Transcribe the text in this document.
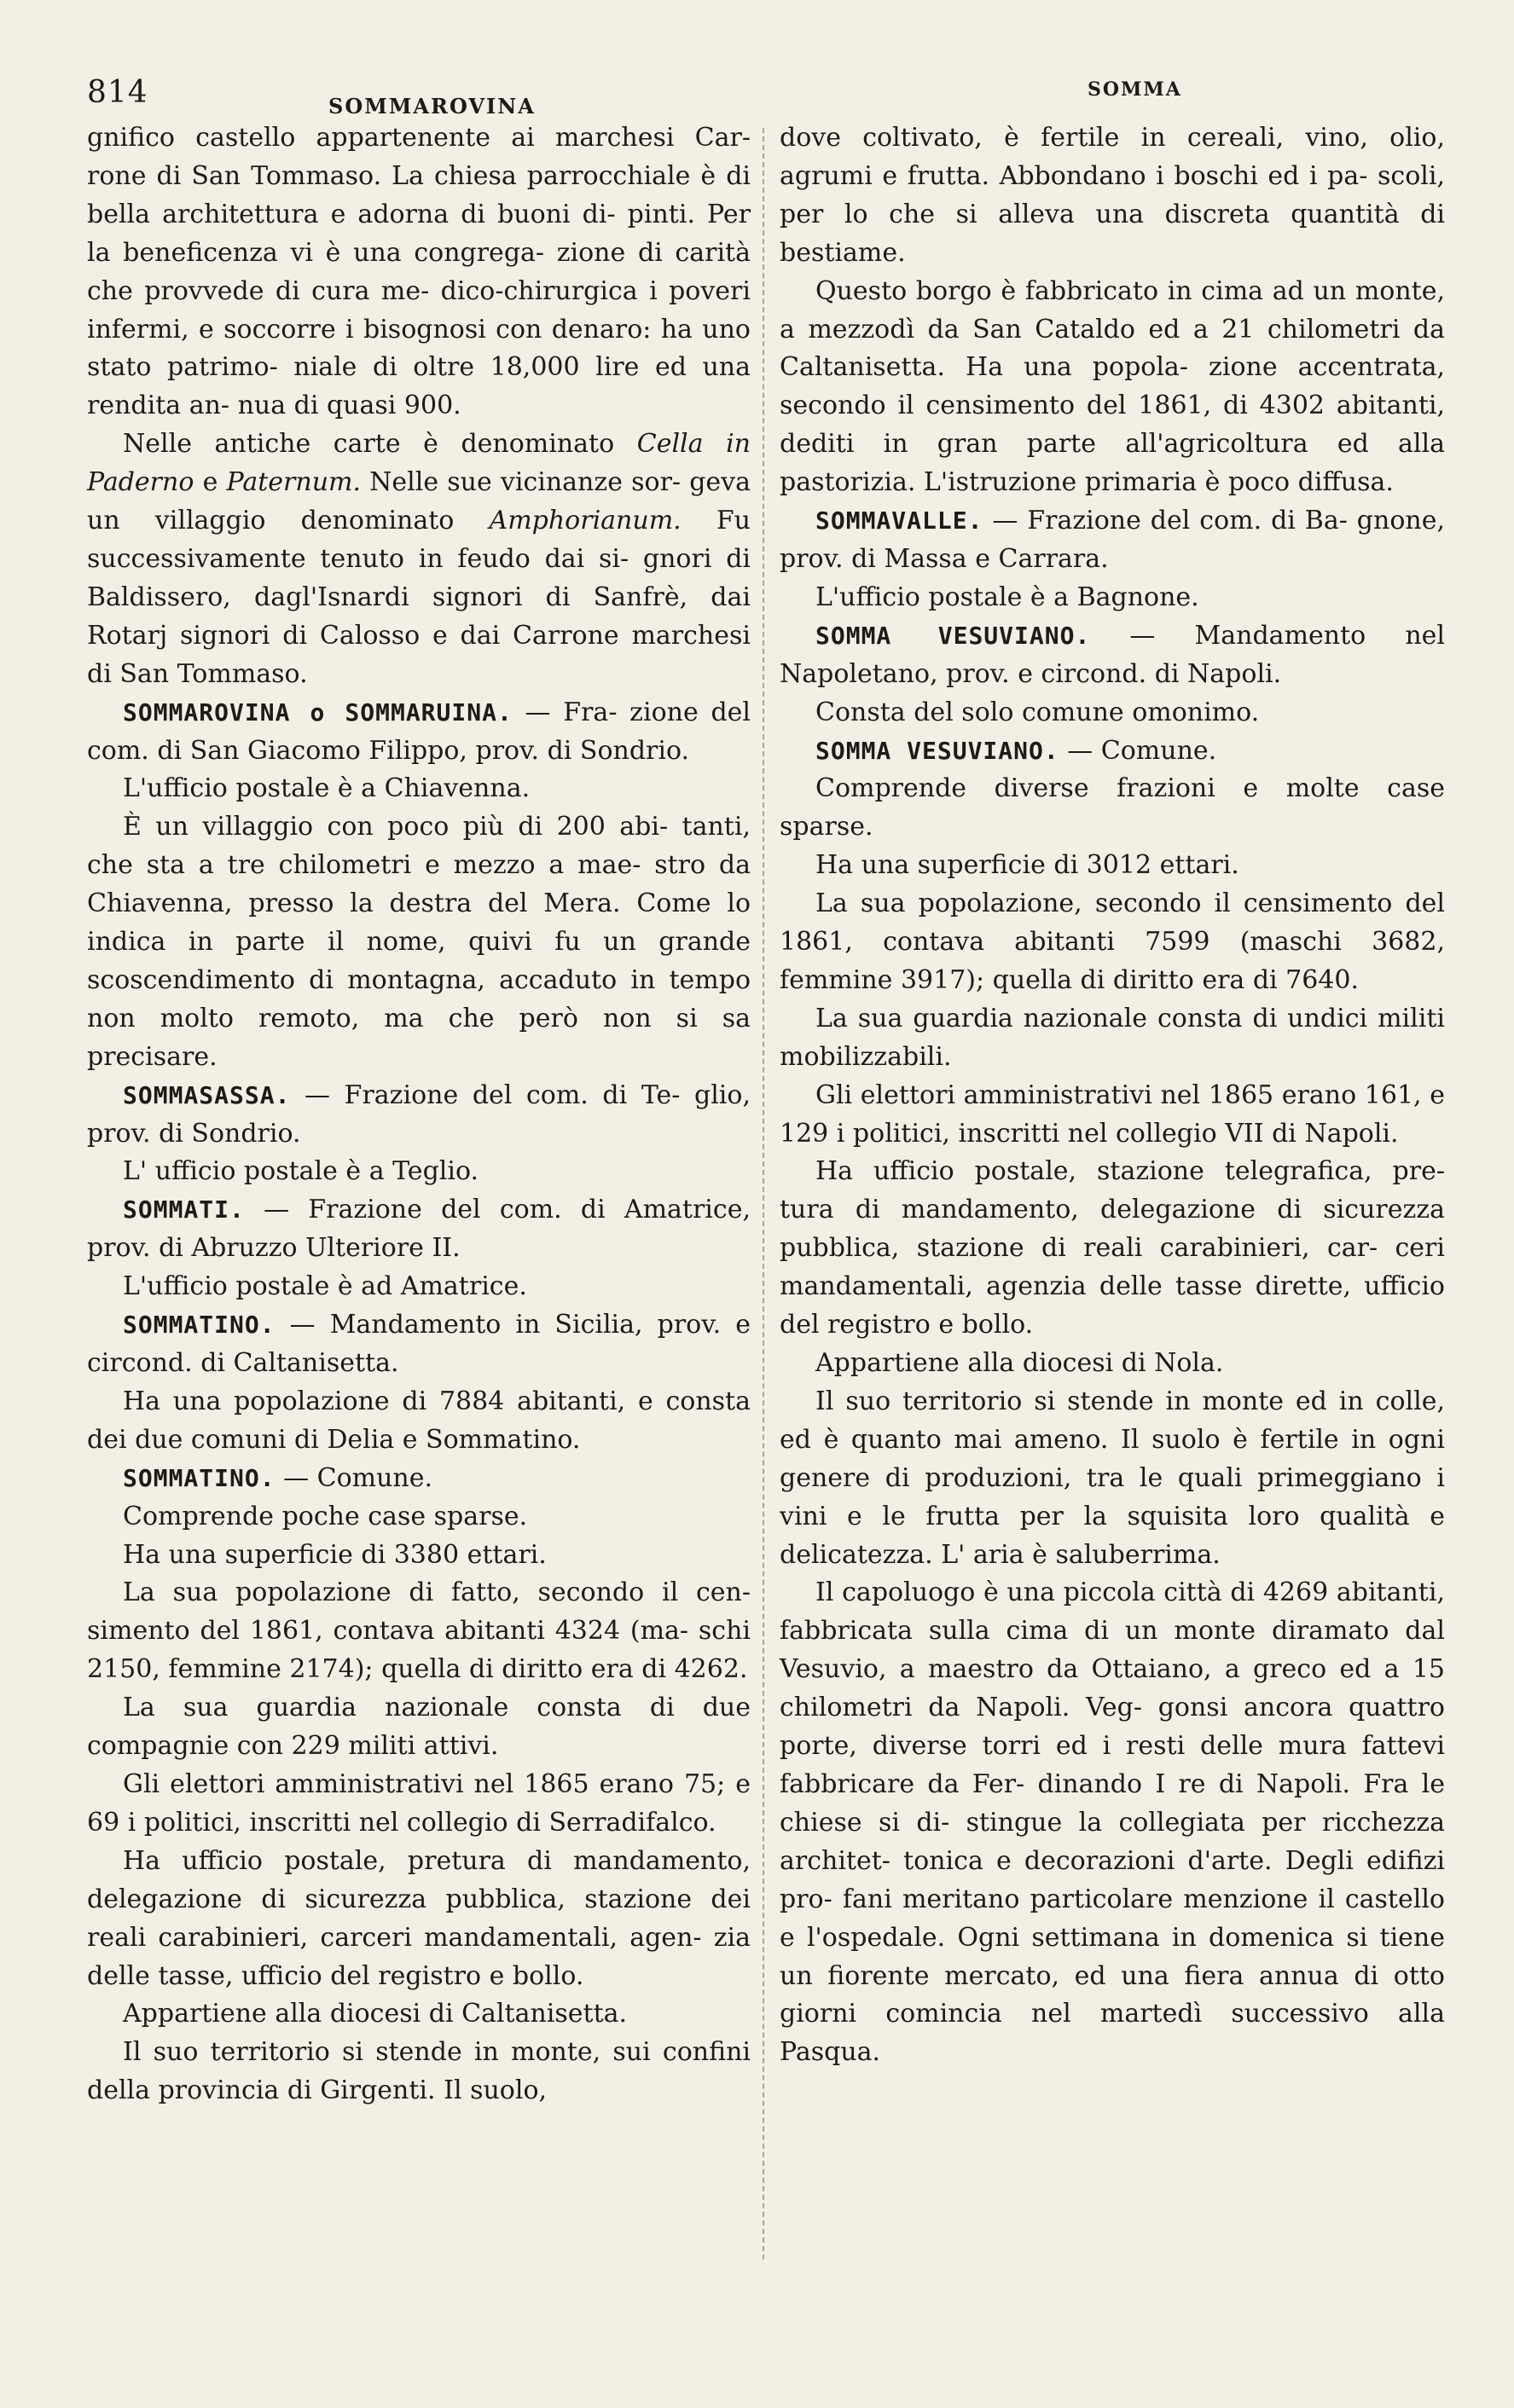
814	SOMMAROVINA
SOMMA

gnifico castello appartenente ai marchesi Car- rone di San Tommaso. La chiesa parrocchiale è di bella architettura e adorna di buoni di- pinti. Per la beneficenza vi è una congrega- zione di carità che provvede di cura me- dico-chirurgica i poveri infermi, e soccorre i bisognosi con denaro: ha uno stato patrimo- niale di oltre 18,000 lire ed una rendita an- nua di quasi 900.

Nelle antiche carte è denominato Cella in Paderno e Paternum. Nelle sue vicinanze sor- geva un villaggio denominato Amphorianum. Fu successivamente tenuto in feudo dai si- gnori di Baldissero, dagl'Isnardi signori di Sanfrè, dai Rotarj signori di Calosso e dai Carrone marchesi di San Tommaso.

SOMMAROVINA o SOMMARUINA. — Fra- zione del com. di San Giacomo Filippo, prov. di Sondrio.

L'ufficio postale è a Chiavenna.

È un villaggio con poco più di 200 abi- tanti, che sta a tre chilometri e mezzo a mae- stro da Chiavenna, presso la destra del Mera. Come lo indica in parte il nome, quivi fu un grande scoscendimento di montagna, accaduto in tempo non molto remoto, ma che però non si sa precisare.

SOMMASASSA. — Frazione del com. di Te- glio, prov. di Sondrio.

L' ufficio postale è a Teglio.

SOMMATI. — Frazione del com. di Amatrice, prov. di Abruzzo Ulteriore II.

L'ufficio postale è ad Amatrice.

SOMMATINO. — Mandamento in Sicilia, prov. e circond. di Caltanisetta.

Ha una popolazione di 7884 abitanti, e consta dei due comuni di Delia e Sommatino.

SOMMATINO. — Comune.

Comprende poche case sparse.

Ha una superficie di 3380 ettari.

La sua popolazione di fatto, secondo il cen- simento del 1861, contava abitanti 4324 (ma- schi 2150, femmine 2174); quella di diritto era di 4262.

La sua guardia nazionale consta di due compagnie con 229 militi attivi.

Gli elettori amministrativi nel 1865 erano 75; e 69 i politici, inscritti nel collegio di Serradifalco.

Ha ufficio postale, pretura di mandamento, delegazione di sicurezza pubblica, stazione dei reali carabinieri, carceri mandamentali, agen- zia delle tasse, ufficio del registro e bollo.

Appartiene alla diocesi di Caltanisetta.

Il suo territorio si stende in monte, sui confini della provincia di Girgenti. Il suolo,

dove coltivato, è fertile in cereali, vino, olio, agrumi e frutta. Abbondano i boschi ed i pa- scoli, per lo che si alleva una discreta quantità di bestiame.

Questo borgo è fabbricato in cima ad un monte, a mezzodì da San Cataldo ed a 21 chilometri da Caltanisetta. Ha una popola- zione accentrata, secondo il censimento del 1861, di 4302 abitanti, dediti in gran parte all'agricoltura ed alla pastorizia. L'istruzione primaria è poco diffusa.

SOMMAVALLE. — Frazione del com. di Ba- gnone, prov. di Massa e Carrara.

L'ufficio postale è a Bagnone.

SOMMA VESUVIANO. — Mandamento nel Napoletano, prov. e circond. di Napoli.

Consta del solo comune omonimo.

SOMMA VESUVIANO. — Comune.

Comprende diverse frazioni e molte case sparse.

Ha una superficie di 3012 ettari.

La sua popolazione, secondo il censimento del 1861, contava abitanti 7599 (maschi 3682, femmine 3917); quella di diritto era di 7640.

La sua guardia nazionale consta di undici militi mobilizzabili.

Gli elettori amministrativi nel 1865 erano 161, e 129 i politici, inscritti nel collegio VII di Napoli.

Ha ufficio postale, stazione telegrafica, pre- tura di mandamento, delegazione di sicurezza pubblica, stazione di reali carabinieri, car- ceri mandamentali, agenzia delle tasse dirette, ufficio del registro e bollo.

Appartiene alla diocesi di Nola.

Il suo territorio si stende in monte ed in colle, ed è quanto mai ameno. Il suolo è fertile in ogni genere di produzioni, tra le quali primeggiano i vini e le frutta per la squisita loro qualità e delicatezza. L' aria è saluberrima.

Il capoluogo è una piccola città di 4269 abitanti, fabbricata sulla cima di un monte diramato dal Vesuvio, a maestro da Ottaiano, a greco ed a 15 chilometri da Napoli. Veg- gonsi ancora quattro porte, diverse torri ed i resti delle mura fattevi fabbricare da Fer- dinando I re di Napoli. Fra le chiese si di- stingue la collegiata per ricchezza architet- tonica e decorazioni d'arte. Degli edifizi pro- fani meritano particolare menzione il castello e l'ospedale. Ogni settimana in domenica si tiene un fiorente mercato, ed una fiera annua di otto giorni comincia nel martedì successivo alla Pasqua.
